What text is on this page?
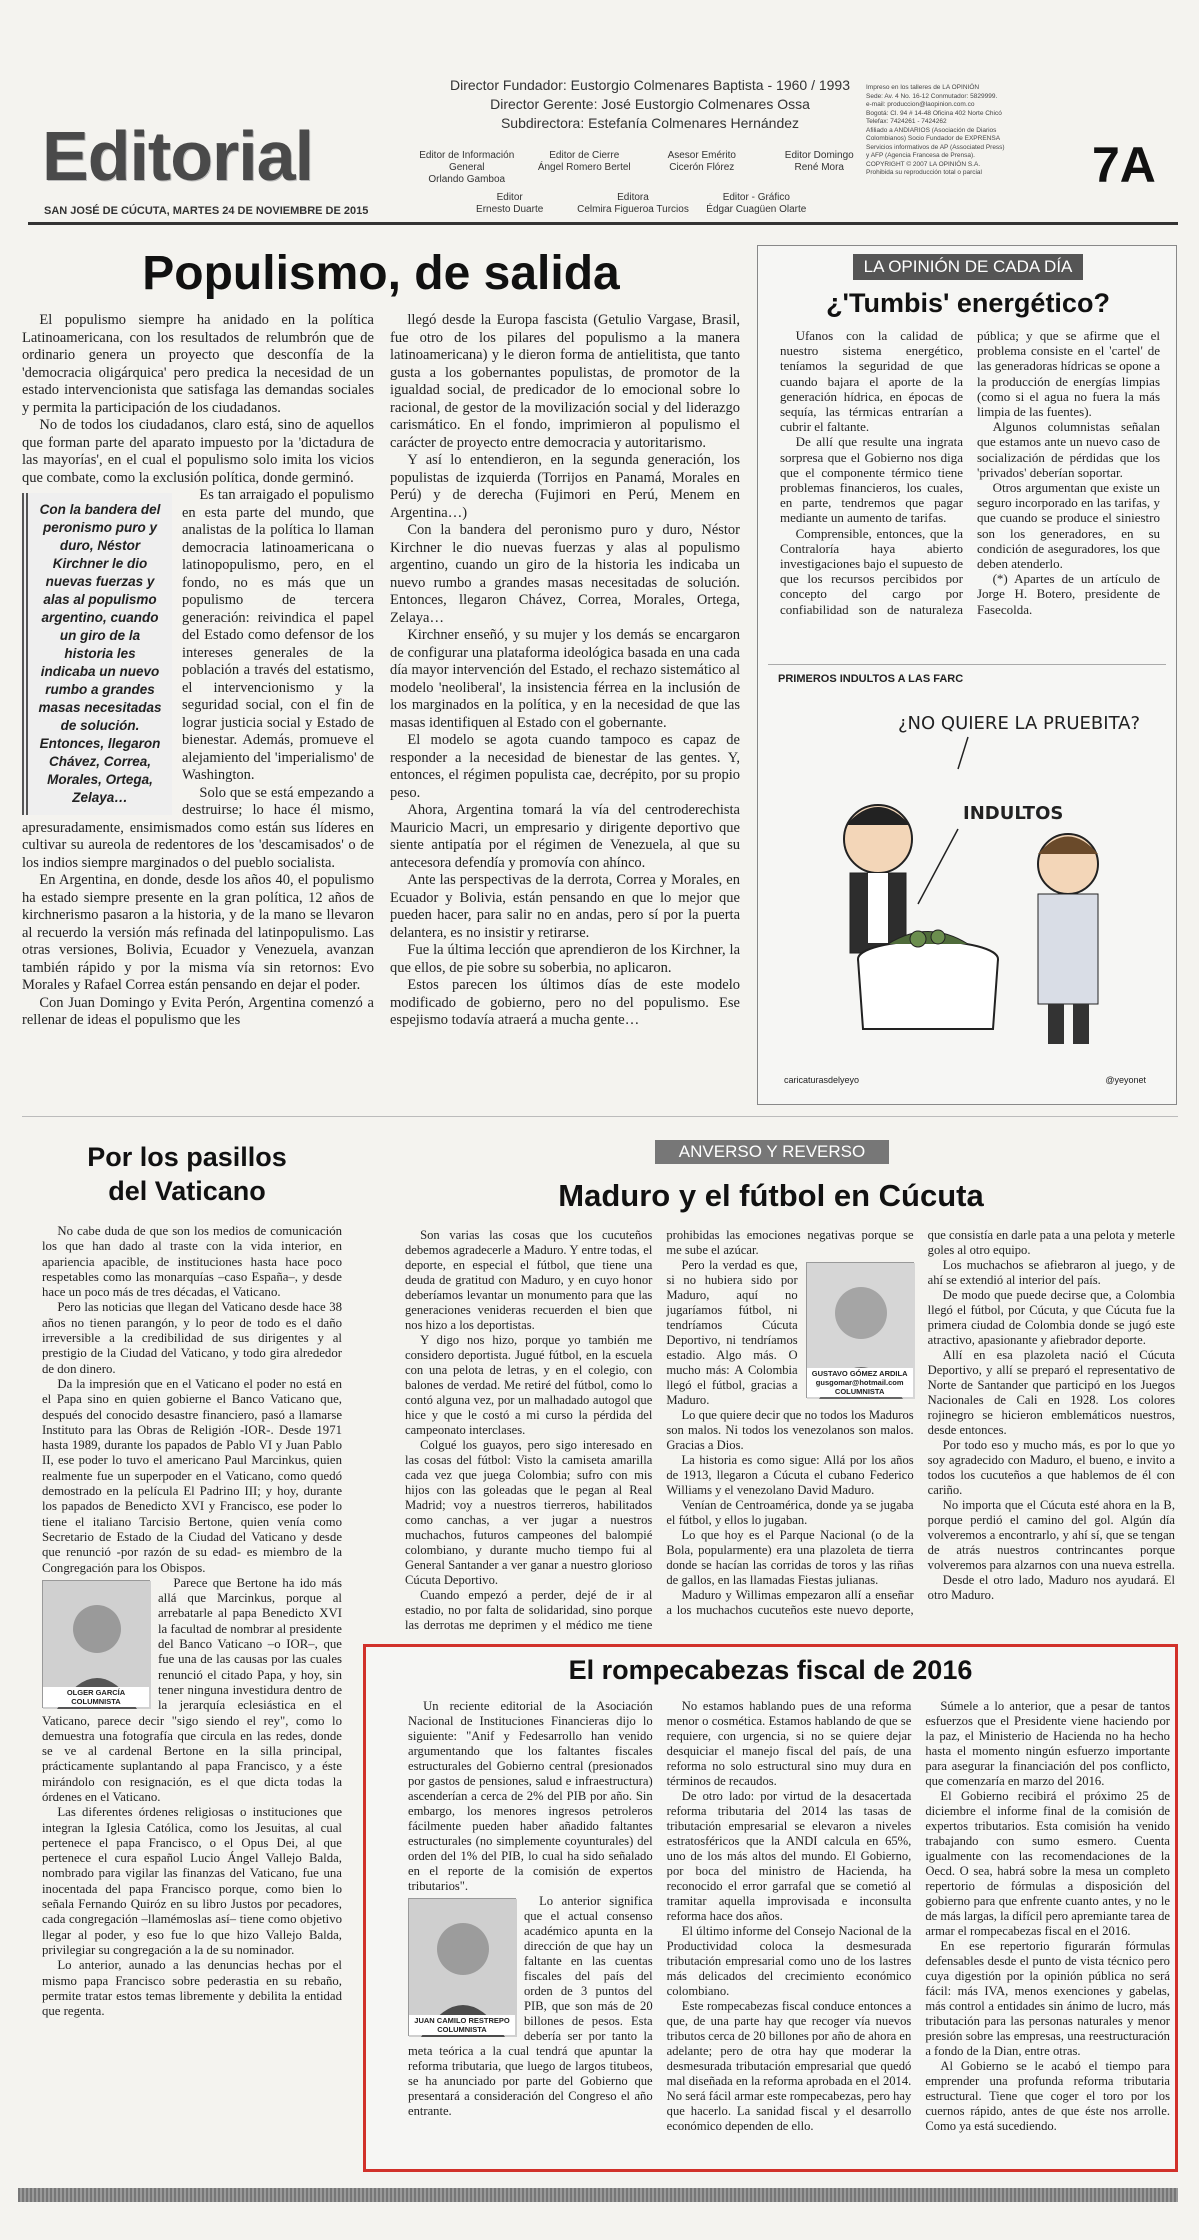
Editorial
SAN JOSÉ DE CÚCUTA, MARTES 24 DE NOVIEMBRE DE 2015
Director Fundador: Eustorgio Colmenares Baptista - 1960 / 1993
Director Gerente: José Eustorgio Colmenares Ossa
Subdirectora: Estefanía Colmenares Hernández
Editor de Información General
Orlando Gamboa
Editor de Cierre
Ángel Romero Bertel
Asesor Emérito
Cicerón Flórez
Editor Domingo
René Mora
Editor
Ernesto Duarte
Editora
Celmira Figueroa Turcios
Editor - Gráfico
Édgar Cuagüen Olarte
Impreso en los talleres de LA OPINIÓN
Sede: Av. 4 No. 16-12 Conmutador: 5829999.
e-mail: produccion@laopinion.com.co
Bogotá: Cl. 94 # 14-48 Oficina 402 Norte Chicó
Telefax: 7424261 - 7424262
Afiliado a ANDIARIOS (Asociación de Diarios
Colombianos) Socio Fundador de EXPRENSA
Servicios informativos de AP (Associated Press)
y AFP (Agencia Francesa de Prensa).
COPYRIGHT © 2007 LA OPINIÓN S.A.
Prohibida su reproducción total o parcial	7A
Populismo, de salida

El populismo siempre ha anidado en la política Latinoamericana, con los resultados de relumbrón que de ordinario genera un proyecto que desconfía de la 'democracia oligárquica' pero predica la necesidad de un estado intervencionista que satisfaga las demandas sociales y permita la participación de los ciudadanos.

No de todos los ciudadanos, claro está, sino de aquellos que forman parte del aparato impuesto por la 'dictadura de las mayorías', en el cual el populismo solo imita los vicios que combate, como la exclusión política, donde germinó.

Con la bandera del peronismo puro y duro, Néstor Kirchner le dio nuevas fuerzas y alas al populismo argentino, cuando un giro de la historia les indicaba un nuevo rumbo a grandes masas necesitadas de solución. Entonces, llegaron Chávez, Correa, Morales, Ortega, Zelaya…

Es tan arraigado el populismo en esta parte del mundo, que analistas de la política lo llaman democracia latinoamericana o latinopopulismo, pero, en el fondo, no es más que un populismo de tercera generación: reivindica el papel del Estado como defensor de los intereses generales de la población a través del estatismo, el intervencionismo y la seguridad social, con el fin de lograr justicia social y Estado de bienestar. Además, promueve el alejamiento del 'imperialismo' de Washington.

Solo que se está empezando a destruirse; lo hace él mismo, apresuradamente, ensimismados como están sus líderes en cultivar su aureola de redentores de los 'descamisados' o de los indios siempre marginados o del pueblo socialista.

En Argentina, en donde, desde los años 40, el populismo ha estado siempre presente en la gran política, 12 años de kirchnerismo pasaron a la historia, y de la mano se llevaron al recuerdo la versión más refinada del latinpopulismo. Las otras versiones, Bolivia, Ecuador y Venezuela, avanzan también rápido y por la misma vía sin retornos: Evo Morales y Rafael Correa están pensando en dejar el poder.

Con Juan Domingo y Evita Perón, Argentina comenzó a rellenar de ideas el populismo que les

llegó desde la Europa fascista (Getulio Vargase, Brasil, fue otro de los pilares del populismo a la manera latinoamericana) y le dieron forma de antielitista, que tanto gusta a los gobernantes populistas, de promotor de la igualdad social, de predicador de lo emocional sobre lo racional, de gestor de la movilización social y del liderazgo carismático. En el fondo, imprimieron al populismo el carácter de proyecto entre democracia y autoritarismo.

Y así lo entendieron, en la segunda generación, los populistas de izquierda (Torrijos en Panamá, Morales en Perú) y de derecha (Fujimori en Perú, Menem en Argentina…)

Con la bandera del peronismo puro y duro, Néstor Kirchner le dio nuevas fuerzas y alas al populismo argentino, cuando un giro de la historia les indicaba un nuevo rumbo a grandes masas necesitadas de solución. Entonces, llegaron Chávez, Correa, Morales, Ortega, Zelaya…

Kirchner enseñó, y su mujer y los demás se encargaron de configurar una plataforma ideológica basada en una cada día mayor intervención del Estado, el rechazo sistemático al modelo 'neoliberal', la insistencia férrea en la inclusión de los marginados en la política, y en la necesidad de que las masas identifiquen al Estado con el gobernante.

El modelo se agota cuando tampoco es capaz de responder a la necesidad de bienestar de las gentes. Y, entonces, el régimen populista cae, decrépito, por su propio peso.

Ahora, Argentina tomará la vía del centroderechista Mauricio Macri, un empresario y dirigente deportivo que siente antipatía por el régimen de Venezuela, al que su antecesora defendía y promovía con ahínco.

Ante las perspectivas de la derrota, Correa y Morales, en Ecuador y Bolivia, están pensando en que lo mejor que pueden hacer, para salir no en andas, pero sí por la puerta delantera, es no insistir y retirarse.

Fue la última lección que aprendieron de los Kirchner, la que ellos, de pie sobre su soberbia, no aplicaron.

Estos parecen los últimos días de este modelo modificado de gobierno, pero no del populismo. Ese espejismo todavía atraerá a mucha gente…

LA OPINIÓN DE CADA DÍA
¿'Tumbis' energético?

Ufanos con la calidad de nuestro sistema energético, teníamos la seguridad de que cuando bajara el aporte de la generación hídrica, en épocas de sequía, las térmicas entrarían a cubrir el faltante.

De allí que resulte una ingrata sorpresa que el Gobierno nos diga que el componente térmico tiene problemas financieros, los cuales, en parte, tendremos que pagar mediante un aumento de tarifas.

Comprensible, entonces, que la Contraloría haya abierto investigaciones bajo el supuesto de que los recursos percibidos por concepto del cargo por confiabilidad son de naturaleza pública; y que se afirme que el problema consiste en el 'cartel' de las generadoras hídricas se opone a la producción de energías limpias (como si el agua no fuera la más limpia de las fuentes).

Algunos columnistas señalan que estamos ante un nuevo caso de socialización de pérdidas que los 'privados' deberían soportar.

Otros argumentan que existe un seguro incorporado en las tarifas, y que cuando se produce el siniestro son los generadores, en su condición de aseguradores, los que deben atenderlo.

(*) Apartes de un artículo de Jorge H. Botero, presidente de Fasecolda.

PRIMEROS INDULTOS A LAS FARC
¿NO QUIERE LA PRUEBITA?
INDULTOS
caricaturasdelyeyo	@yeyonet
Por los pasillos
del Vaticano

No cabe duda de que son los medios de comunicación los que han dado al traste con la vida interior, en apariencia apacible, de instituciones hasta hace poco respetables como las monarquías –caso España–, y desde hace un poco más de tres décadas, el Vaticano.

Pero las noticias que llegan del Vaticano desde hace 38 años no tienen parangón, y lo peor de todo es el daño irreversible a la credibilidad de sus dirigentes y al prestigio de la Ciudad del Vaticano, y todo gira alrededor de don dinero.

Da la impresión que en el Vaticano el poder no está en el Papa sino en quien gobierne el Banco Vaticano que, después del conocido desastre financiero, pasó a llamarse Instituto para las Obras de Religión -IOR-. Desde 1971 hasta 1989, durante los papados de Pablo VI y Juan Pablo II, ese poder lo tuvo el americano Paul Marcinkus, quien realmente fue un superpoder en el Vaticano, como quedó demostrado en la película El Padrino III; y hoy, durante los papados de Benedicto XVI y Francisco, ese poder lo tiene el italiano Tarcisio Bertone, quien venía como Secretario de Estado de la Ciudad del Vaticano y desde que renunció -por razón de su edad- es miembro de la Congregación para los Obispos.

OLGER GARCÍA
COLUMNISTA

Parece que Bertone ha ido más allá que Marcinkus, porque al arrebatarle al papa Benedicto XVI la facultad de nombrar al presidente del Banco Vaticano –o IOR–, que fue una de las causas por las cuales renunció el citado Papa, y hoy, sin tener ninguna investidura dentro de la jerarquía eclesiástica en el Vaticano, parece decir "sigo siendo el rey", como lo demuestra una fotografía que circula en las redes, donde se ve al cardenal Bertone en la silla principal, prácticamente suplantando al papa Francisco, y a éste mirándolo con resignación, es el que dicta todas la órdenes en el Vaticano.

Las diferentes órdenes religiosas o instituciones que integran la Iglesia Católica, como los Jesuitas, al cual pertenece el papa Francisco, o el Opus Dei, al que pertenece el cura español Lucio Ángel Vallejo Balda, nombrado para vigilar las finanzas del Vaticano, fue una inocentada del papa Francisco porque, como bien lo señala Fernando Quiróz en su libro Justos por pecadores, cada congregación –llamémoslas así– tiene como objetivo llegar al poder, y eso fue lo que hizo Vallejo Balda, privilegiar su congregación a la de su nominador.

Lo anterior, aunado a las denuncias hechas por el mismo papa Francisco sobre pederastia en su rebaño, permite tratar estos temas libremente y debilita la entidad que regenta.

ANVERSO Y REVERSO
Maduro y el fútbol en Cúcuta

Son varias las cosas que los cucuteños debemos agradecerle a Maduro. Y entre todas, el deporte, en especial el fútbol, que tiene una deuda de gratitud con Maduro, y en cuyo honor deberíamos levantar un monumento para que las generaciones venideras recuerden el bien que nos hizo a los deportistas.

Y digo nos hizo, porque yo también me considero deportista. Jugué fútbol, en la escuela con una pelota de letras, y en el colegio, con balones de verdad. Me retiré del fútbol, como lo contó alguna vez, por un malhadado autogol que hice y que le costó a mi curso la pérdida del campeonato interclases.

Colgué los guayos, pero sigo interesado en las cosas del fútbol: Visto la camiseta amarilla cada vez que juega Colombia; sufro con mis hijos con las goleadas que le pegan al Real Madrid; voy a nuestros tierreros, habilitados como canchas, a ver jugar a nuestros muchachos, futuros campeones del balompié colombiano, y durante mucho tiempo fui al General Santander a ver ganar a nuestro glorioso Cúcuta Deportivo.

Cuando empezó a perder, dejé de ir al estadio, no por falta de solidaridad, sino porque las derrotas me deprimen y el médico me tiene prohibidas las emociones negativas porque se me sube el azúcar.

GUSTAVO GÓMEZ ARDILA
gusgomar@hotmail.com
COLUMNISTA

Pero la verdad es que, si no hubiera sido por Maduro, aquí no jugaríamos fútbol, ni tendríamos Cúcuta Deportivo, ni tendríamos estadio. Algo más. O mucho más: A Colombia llegó el fútbol, gracias a Maduro.

Lo que quiere decir que no todos los Maduros son malos. Ni todos los venezolanos son malos. Gracias a Dios.

La historia es como sigue: Allá por los años de 1913, llegaron a Cúcuta el cubano Federico Williams y el venezolano David Maduro.

Venían de Centroamérica, donde ya se jugaba el fútbol, y ellos lo jugaban.

Lo que hoy es el Parque Nacional (o de la Bola, popularmente) era una plazoleta de tierra donde se hacían las corridas de toros y las riñas de gallos, en las llamadas Fiestas julianas.

Maduro y Willimas empezaron allí a enseñar a los muchachos cucuteños este nuevo deporte, que consistía en darle pata a una pelota y meterle goles al otro equipo.

Los muchachos se afiebraron al juego, y de ahí se extendió al interior del país.

De modo que puede decirse que, a Colombia llegó el fútbol, por Cúcuta, y que Cúcuta fue la primera ciudad de Colombia donde se jugó este atractivo, apasionante y afiebrador deporte.

Allí en esa plazoleta nació el Cúcuta Deportivo, y allí se preparó el representativo de Norte de Santander que participó en los Juegos Nacionales de Cali en 1928. Los colores rojinegro se hicieron emblemáticos nuestros, desde entonces.

Por todo eso y mucho más, es por lo que yo soy agradecido con Maduro, el bueno, e invito a todos los cucuteños a que hablemos de él con cariño.

No importa que el Cúcuta esté ahora en la B, porque perdió el camino del gol. Algún día volveremos a encontrarlo, y ahí sí, que se tengan de atrás nuestros contrincantes porque volveremos para alzarnos con una nueva estrella.

Desde el otro lado, Maduro nos ayudará. El otro Maduro.

El rompecabezas fiscal de 2016

Un reciente editorial de la Asociación Nacional de Instituciones Financieras dijo lo siguiente: "Anif y Fedesarrollo han venido argumentando que los faltantes fiscales estructurales del Gobierno central (presionados por gastos de pensiones, salud e infraestructura) ascenderían a cerca de 2% del PIB por año. Sin embargo, los menores ingresos petroleros fácilmente pueden haber añadido faltantes estructurales (no simplemente coyunturales) del orden del 1% del PIB, lo cual ha sido señalado en el reporte de la comisión de expertos tributarios".

JUAN CAMILO RESTREPO
COLUMNISTA

Lo anterior significa que el actual consenso académico apunta en la dirección de que hay un faltante en las cuentas fiscales del país del orden de 3 puntos del PIB, que son más de 20 billones de pesos. Esta debería ser por tanto la meta teórica a la cual tendrá que apuntar la reforma tributaria, que luego de largos titubeos, se ha anunciado por parte del Gobierno que presentará a consideración del Congreso el año entrante.

No estamos hablando pues de una reforma menor o cosmética. Estamos hablando de que se requiere, con urgencia, si no se quiere dejar desquiciar el manejo fiscal del país, de una reforma no solo estructural sino muy dura en términos de recaudos.

De otro lado: por virtud de la desacertada reforma tributaria del 2014 las tasas de tributación empresarial se elevaron a niveles estratosféricos que la ANDI calcula en 65%, uno de los más altos del mundo. El Gobierno, por boca del ministro de Hacienda, ha reconocido el error garrafal que se cometió al tramitar aquella improvisada e inconsulta reforma hace dos años.

El último informe del Consejo Nacional de la Productividad coloca la desmesurada tributación empresarial como uno de los lastres más delicados del crecimiento económico colombiano.

Este rompecabezas fiscal conduce entonces a que, de una parte hay que recoger vía nuevos tributos cerca de 20 billones por año de ahora en adelante; pero de otra hay que moderar la desmesurada tributación empresarial que quedó mal diseñada en la reforma aprobada en el 2014. No será fácil armar este rompecabezas, pero hay que hacerlo. La sanidad fiscal y el desarrollo económico dependen de ello.

Súmele a lo anterior, que a pesar de tantos esfuerzos que el Presidente viene haciendo por la paz, el Ministerio de Hacienda no ha hecho hasta el momento ningún esfuerzo importante para asegurar la financiación del pos conflicto, que comenzaría en marzo del 2016.

El Gobierno recibirá el próximo 25 de diciembre el informe final de la comisión de expertos tributarios. Esta comisión ha venido trabajando con sumo esmero. Cuenta igualmente con las recomendaciones de la Oecd. O sea, habrá sobre la mesa un completo repertorio de fórmulas a disposición del gobierno para que enfrente cuanto antes, y no le de más largas, la difícil pero apremiante tarea de armar el rompecabezas fiscal en el 2016.

En ese repertorio figurarán fórmulas defensables desde el punto de vista técnico pero cuya digestión por la opinión pública no será fácil: más IVA, menos exenciones y gabelas, más control a entidades sin ánimo de lucro, más tributación para las personas naturales y menor presión sobre las empresas, una reestructuración a fondo de la Dian, entre otras.

Al Gobierno se le acabó el tiempo para emprender una profunda reforma tributaria estructural. Tiene que coger el toro por los cuernos rápido, antes de que éste nos arrolle. Como ya está sucediendo.
